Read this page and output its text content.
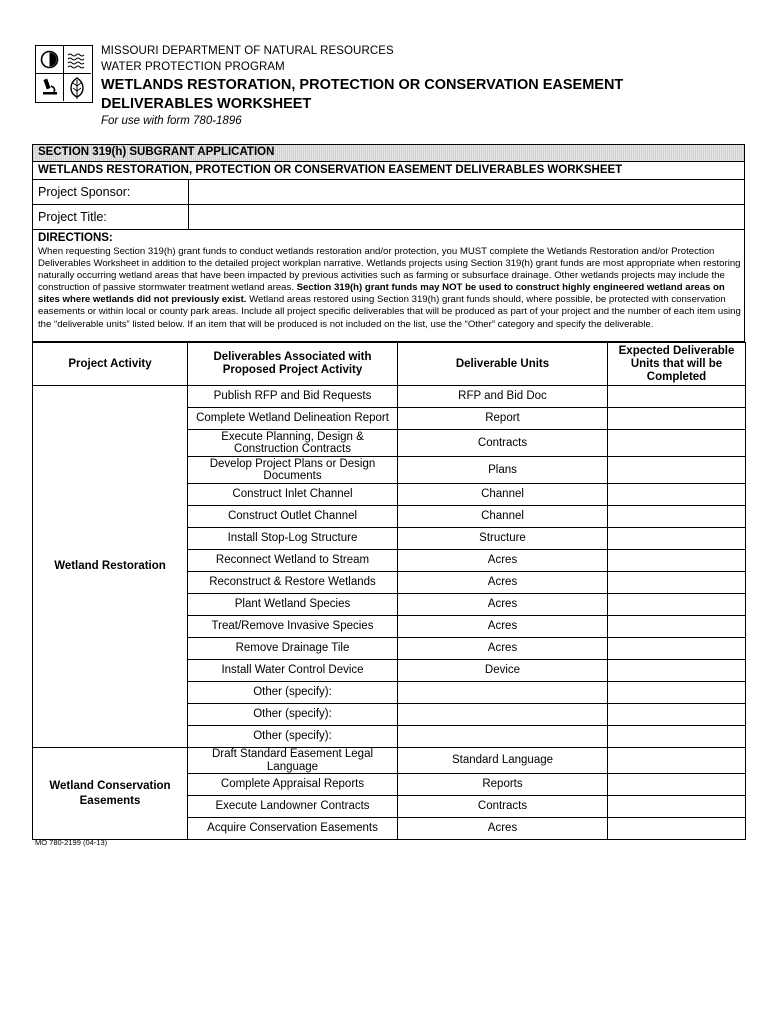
MISSOURI DEPARTMENT OF NATURAL RESOURCES
WATER PROTECTION PROGRAM
WETLANDS RESTORATION, PROTECTION OR CONSERVATION EASEMENT
DELIVERABLES WORKSHEET
For use with form 780-1896
SECTION 319(h) SUBGRANT APPLICATION
WETLANDS RESTORATION, PROTECTION OR CONSERVATION EASEMENT DELIVERABLES WORKSHEET
Project Sponsor:
Project Title:
DIRECTIONS:
When requesting Section 319(h) grant funds to conduct wetlands restoration and/or protection, you MUST complete the Wetlands Restoration and/or Protection Deliverables Worksheet in addition to the detailed project workplan narrative. Wetlands projects using Section 319(h) grant funds are most appropriate when restoring naturally occurring wetland areas that have been impacted by previous activities such as farming or subsurface drainage. Other wetlands projects may include the construction of passive stormwater treatment wetland areas. Section 319(h) grant funds may NOT be used to construct highly engineered wetland areas on sites where wetlands did not previously exist. Wetland areas restored using Section 319(h) grant funds should, where possible, be protected with conservation easements or within local or county park areas. Include all project specific deliverables that will be produced as part of your project and the number of each item using the “deliverable units” listed below. If an item that will be produced is not included on the list, use the “Other” category and specify the deliverable.
Project Activity	Deliverables Associated with Proposed Project Activity	Deliverable Units	Expected Deliverable Units that will be Completed
Wetland Restoration	Publish RFP and Bid Requests	RFP and Bid Doc	
	Complete Wetland Delineation Report	Report	
	Execute Planning, Design & Construction Contracts	Contracts	
	Develop Project Plans or Design Documents	Plans	
	Construct Inlet Channel	Channel	
	Construct Outlet Channel	Channel	
	Install Stop-Log Structure	Structure	
	Reconnect Wetland to Stream	Acres	
	Reconstruct & Restore Wetlands	Acres	
	Plant Wetland Species	Acres	
	Treat/Remove Invasive Species	Acres	
	Remove Drainage Tile	Acres	
	Install Water Control Device	Device	
	Other (specify):		
	Other (specify):		
	Other (specify):		
Wetland Conservation Easements	Draft Standard Easement Legal Language	Standard Language	
	Complete Appraisal Reports	Reports	
	Execute Landowner Contracts	Contracts	
	Acquire Conservation Easements	Acres	
MO 780-2199 (04-13)
